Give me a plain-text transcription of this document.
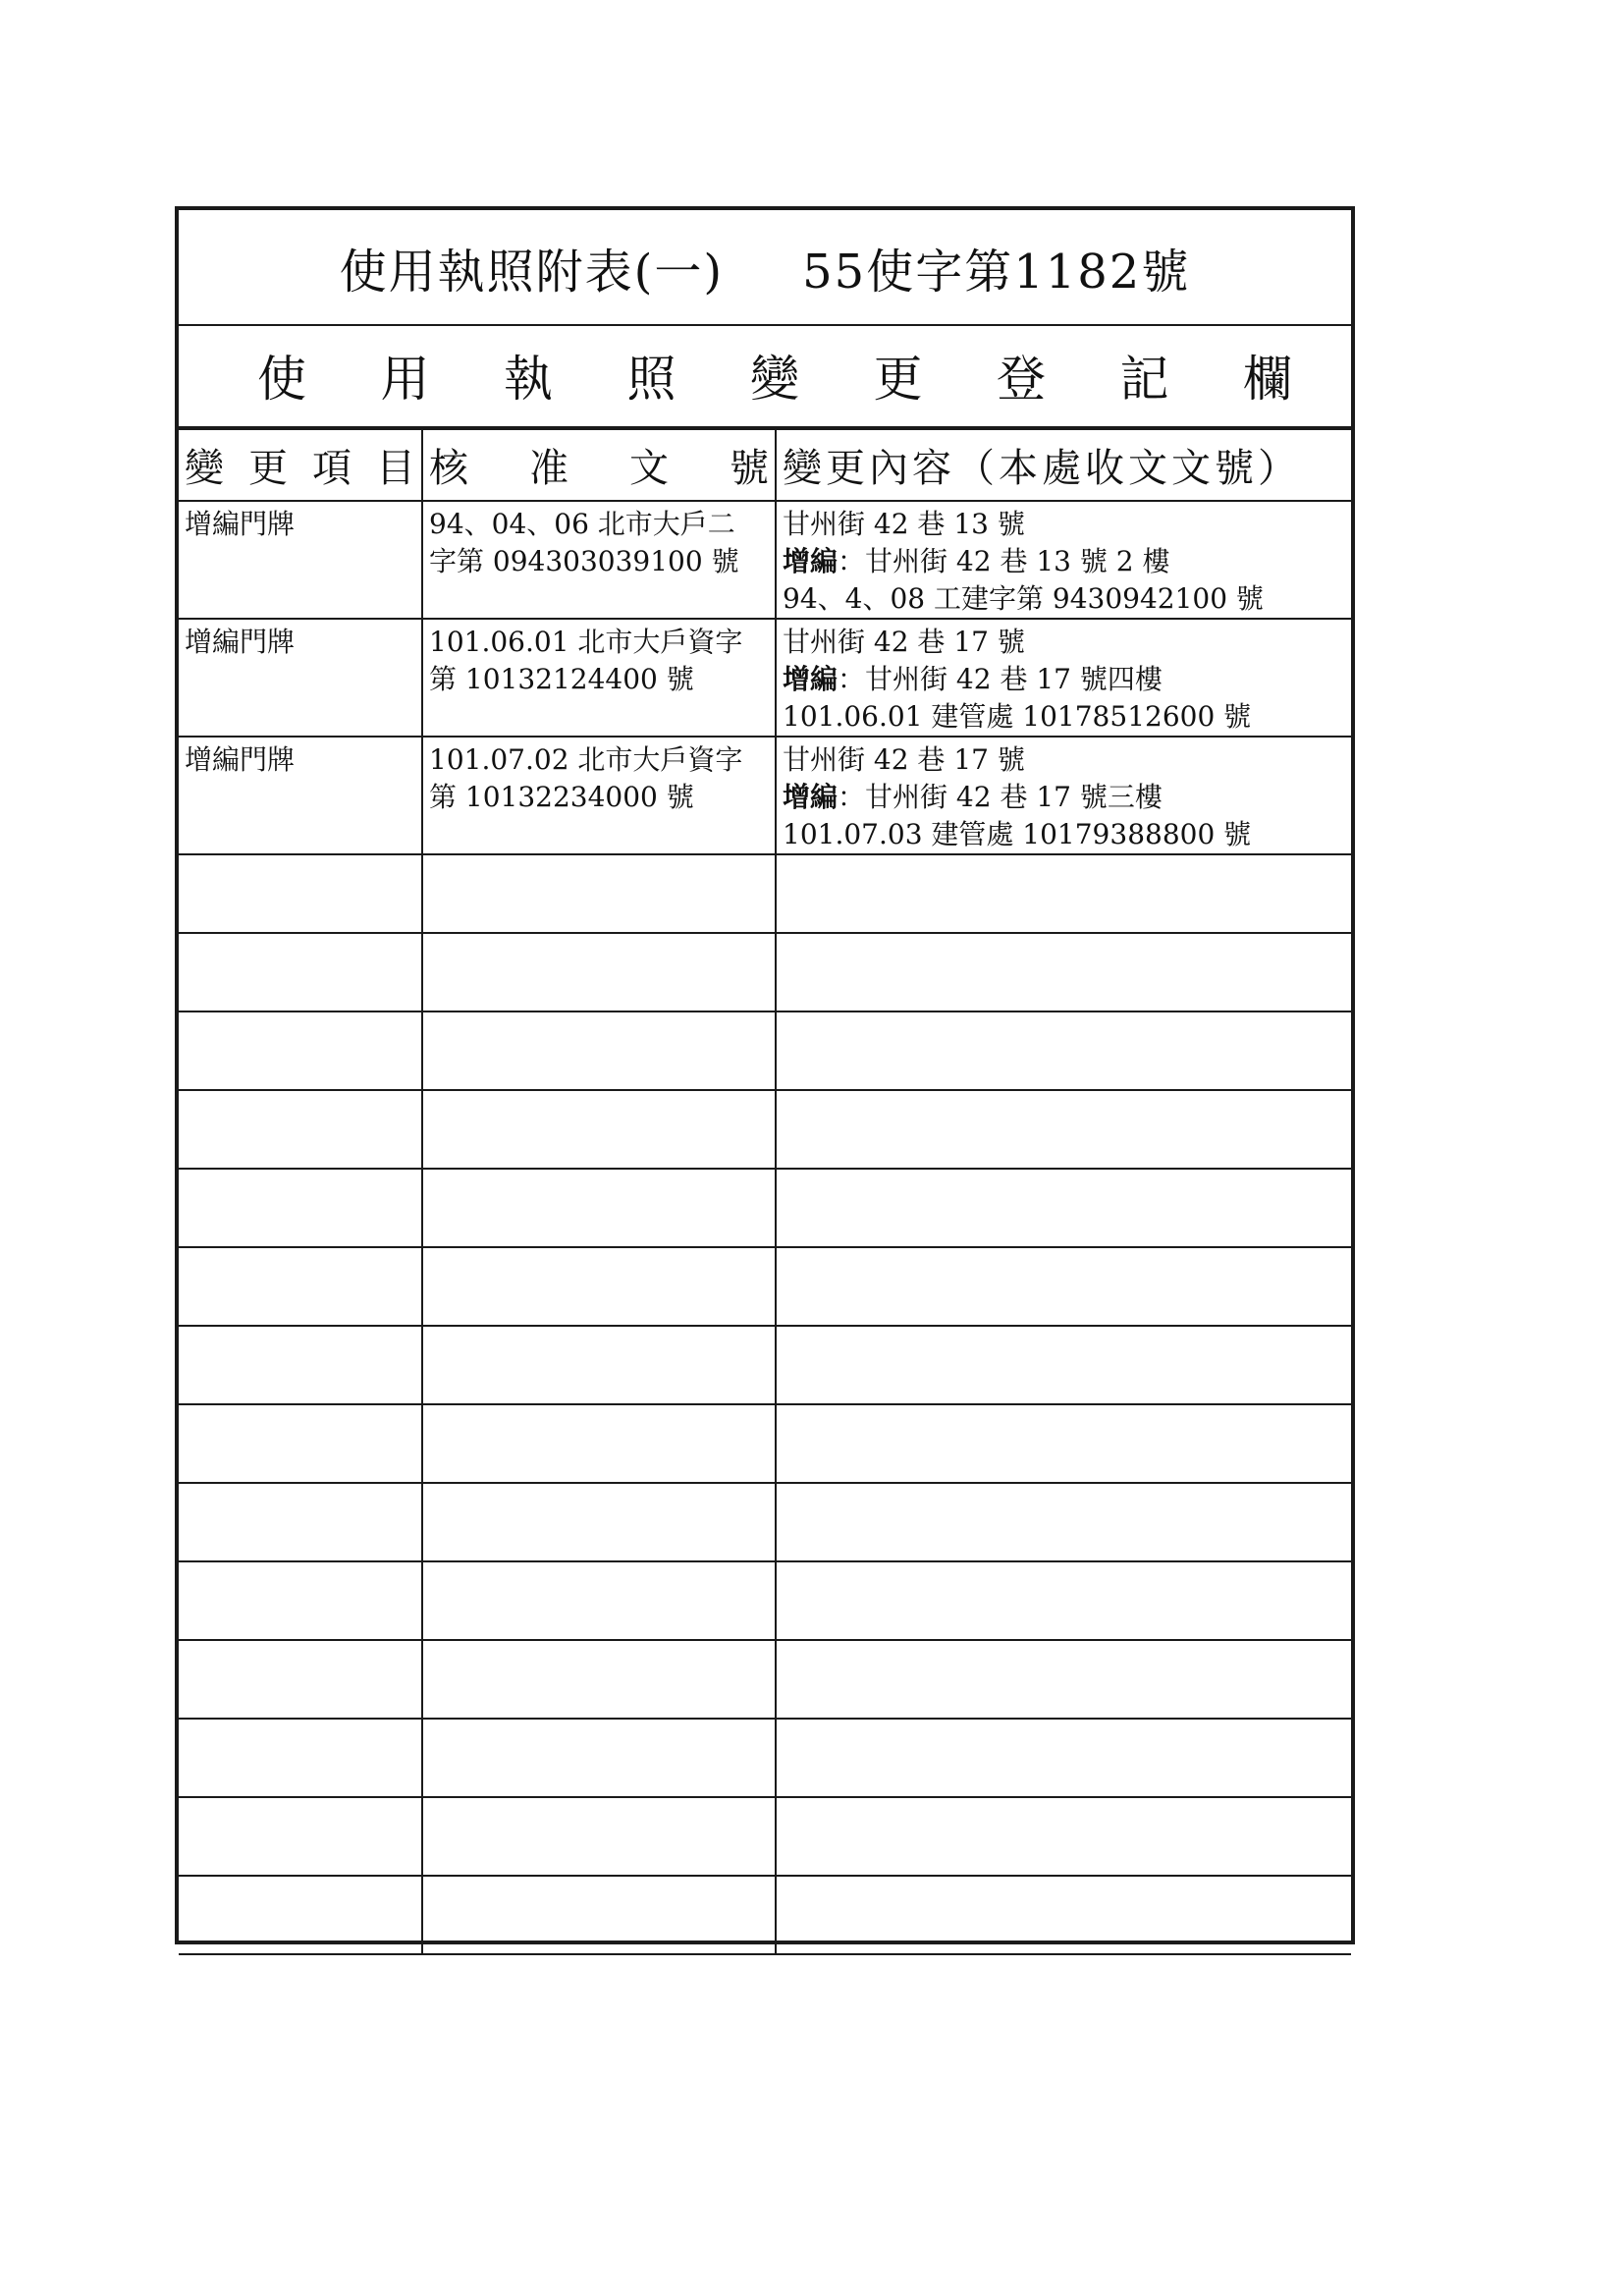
使用執照附表(一) 55使字第1182號
使 用 執 照 變 更 登 記 欄
變 更 項 目	核 准 文 號	變更內容（本處收文文號）

增編門牌	94、04、06 北市大戶二
字第 094303039100 號	甘州街 42 巷 13 號
增編：甘州街 42 巷 13 號 2 樓
94、4、08 工建字第 9430942100 號

增編門牌	101.06.01 北市大戶資字
第 10132124400 號	甘州街 42 巷 17 號
增編：甘州街 42 巷 17 號四樓
101.06.01 建管處 10178512600 號

增編門牌	101.07.02 北市大戶資字
第 10132234000 號	甘州街 42 巷 17 號
增編：甘州街 42 巷 17 號三樓
101.07.03 建管處 10179388800 號
